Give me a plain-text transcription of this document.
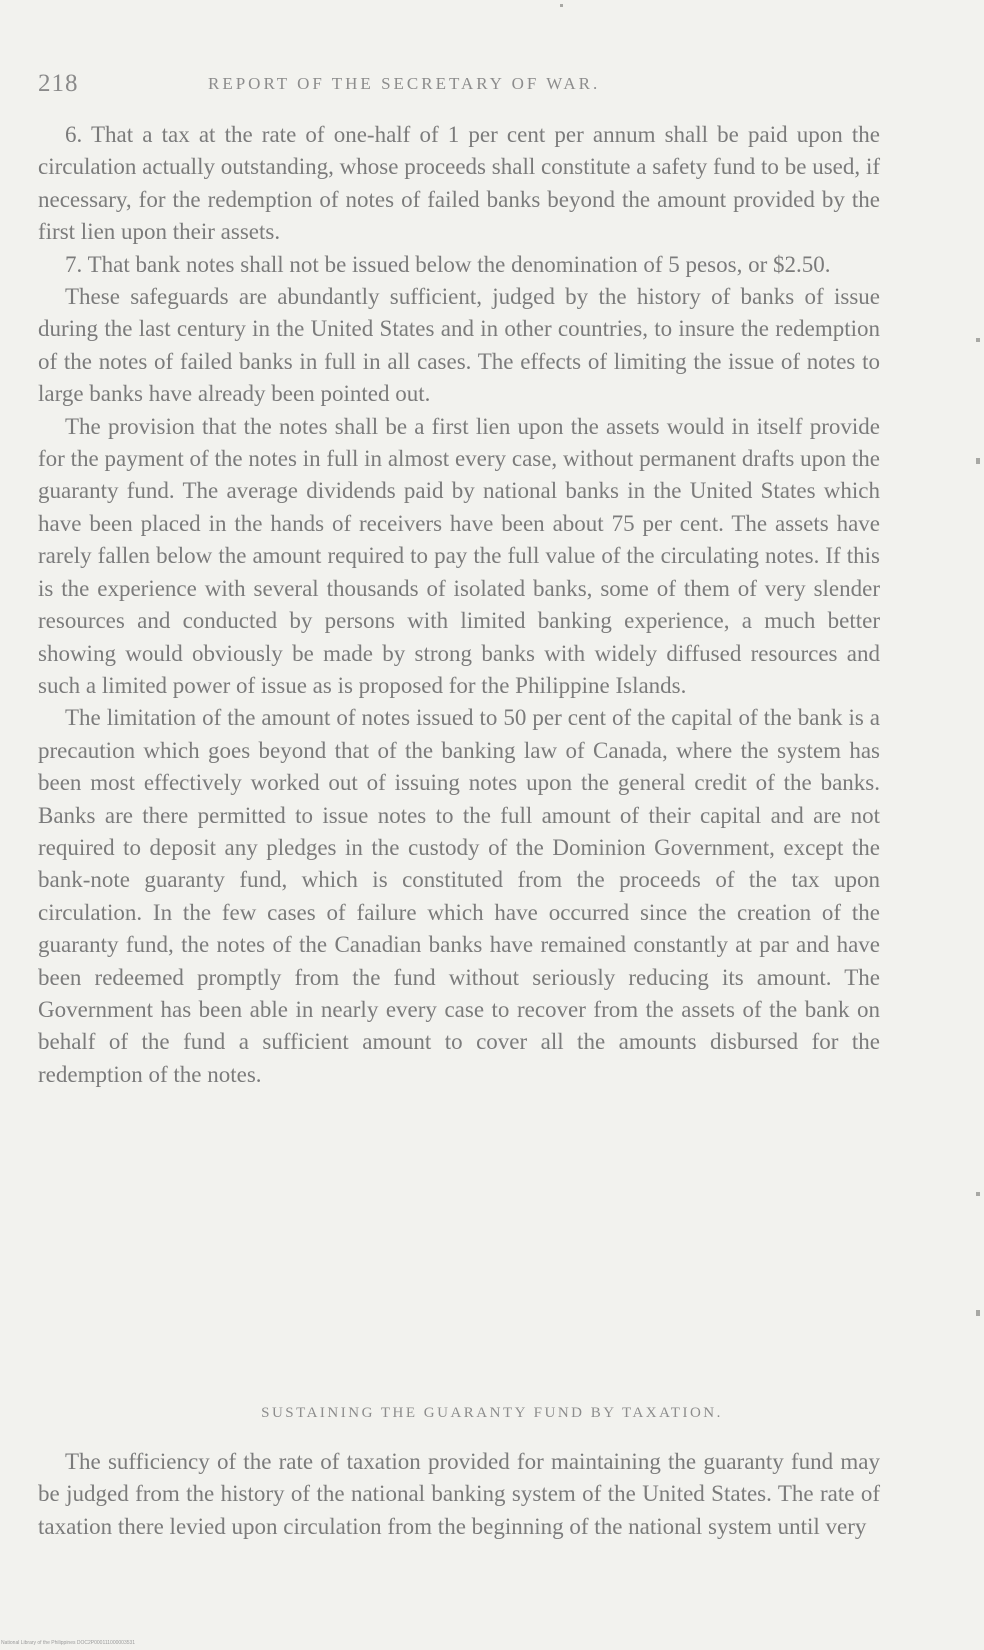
218	REPORT OF THE SECRETARY OF WAR.

6. That a tax at the rate of one-half of 1 per cent per annum shall be paid upon the circulation actually outstanding, whose proceeds shall constitute a safety fund to be used, if necessary, for the redemption of notes of failed banks beyond the amount provided by the first lien upon their assets.

7. That bank notes shall not be issued below the denomination of 5 pesos, or $2.50.

These safeguards are abundantly sufficient, judged by the history of banks of issue during the last century in the United States and in other countries, to insure the redemption of the notes of failed banks in full in all cases. The effects of limiting the issue of notes to large banks have already been pointed out.

The provision that the notes shall be a first lien upon the assets would in itself provide for the payment of the notes in full in almost every case, without permanent drafts upon the guaranty fund. The average dividends paid by national banks in the United States which have been placed in the hands of receivers have been about 75 per cent. The assets have rarely fallen below the amount required to pay the full value of the circulating notes. If this is the experience with several thousands of isolated banks, some of them of very slender resources and conducted by persons with limited banking experience, a much better showing would obviously be made by strong banks with widely diffused resources and such a limited power of issue as is proposed for the Philippine Islands.

The limitation of the amount of notes issued to 50 per cent of the capital of the bank is a precaution which goes beyond that of the banking law of Canada, where the system has been most effectively worked out of issuing notes upon the general credit of the banks. Banks are there permitted to issue notes to the full amount of their capital and are not required to deposit any pledges in the custody of the Dominion Government, except the bank-note guaranty fund, which is constituted from the proceeds of the tax upon circulation. In the few cases of failure which have occurred since the creation of the guaranty fund, the notes of the Canadian banks have remained constantly at par and have been redeemed promptly from the fund without seriously reducing its amount. The Government has been able in nearly every case to recover from the assets of the bank on behalf of the fund a sufficient amount to cover all the amounts disbursed for the redemption of the notes.

SUSTAINING THE GUARANTY FUND BY TAXATION.

The sufficiency of the rate of taxation provided for maintaining the guaranty fund may be judged from the history of the national banking system of the United States. The rate of taxation there levied upon circulation from the beginning of the national system until very

National Library of the Philippines DOC2P000111000003531
